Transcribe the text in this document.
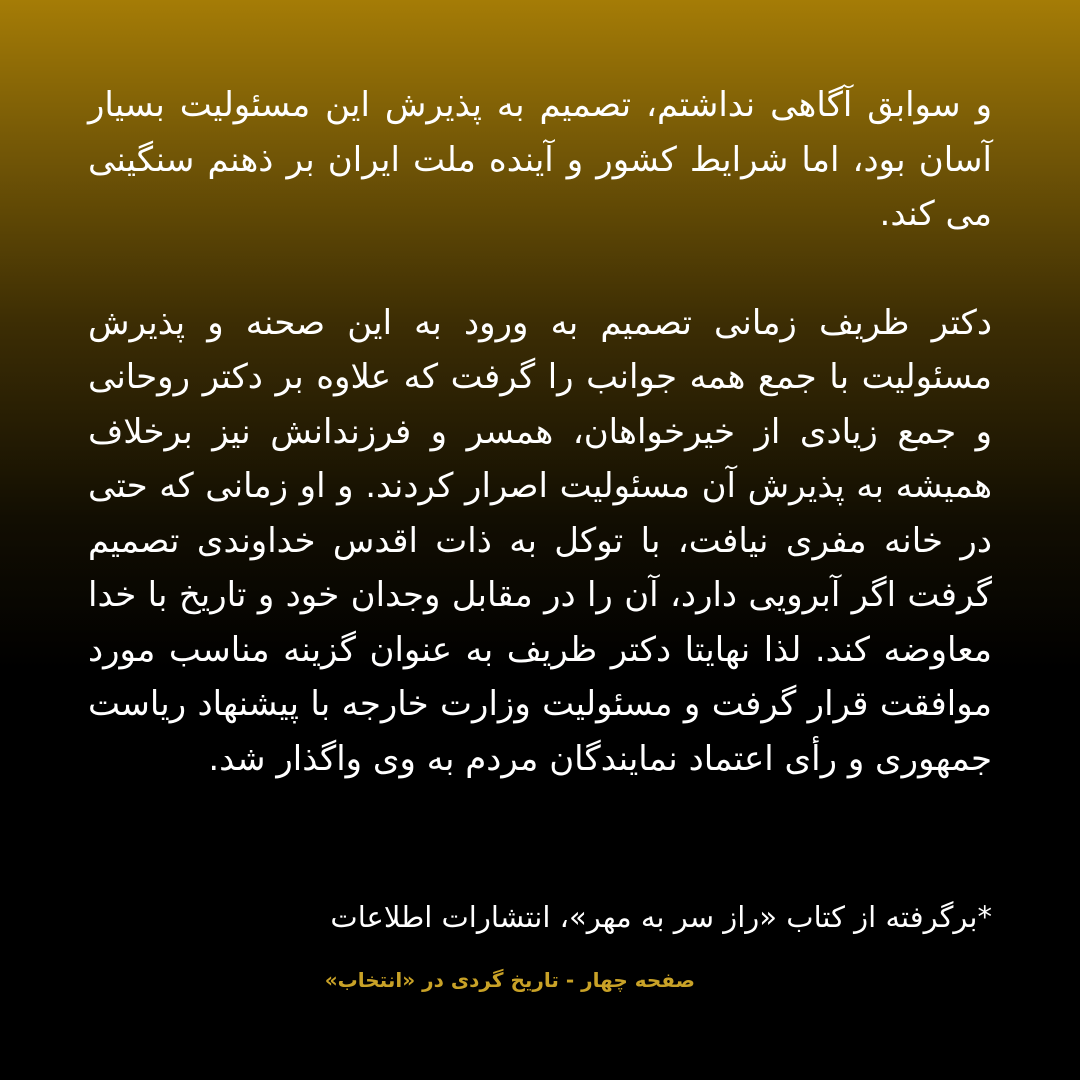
و سوابق آگاهی نداشتم، تصمیم به پذیرش این مسئولیت بسیار آسان بود، اما شرایط کشور و آینده ملت ایران بر ذهنم سنگینی می کند.

دکتر ظریف زمانی تصمیم به ورود به این صحنه و پذیرش مسئولیت با جمع همه جوانب را گرفت که علاوه بر دکتر روحانی و جمع زیادی از خیرخواهان، همسر و فرزندانش نیز برخلاف همیشه به پذیرش آن مسئولیت اصرار کردند. و او زمانی که حتی در خانه مفری نیافت، با توکل به ذات اقدس خداوندی تصمیم گرفت اگر آبرویی دارد، آن را در مقابل وجدان خود و تاریخ با خدا معاوضه کند. لذا نهایتا دکتر ظریف به عنوان گزینه مناسب مورد موافقت قرار گرفت و مسئولیت وزارت خارجه با پیشنهاد ریاست جمهوری و رأی اعتماد نمایندگان مردم به وی واگذار شد.

*برگرفته از کتاب «راز سر به مهر»، انتشارات اطلاعات
صفحه چهار - تاریخ گردی در «انتخاب»
